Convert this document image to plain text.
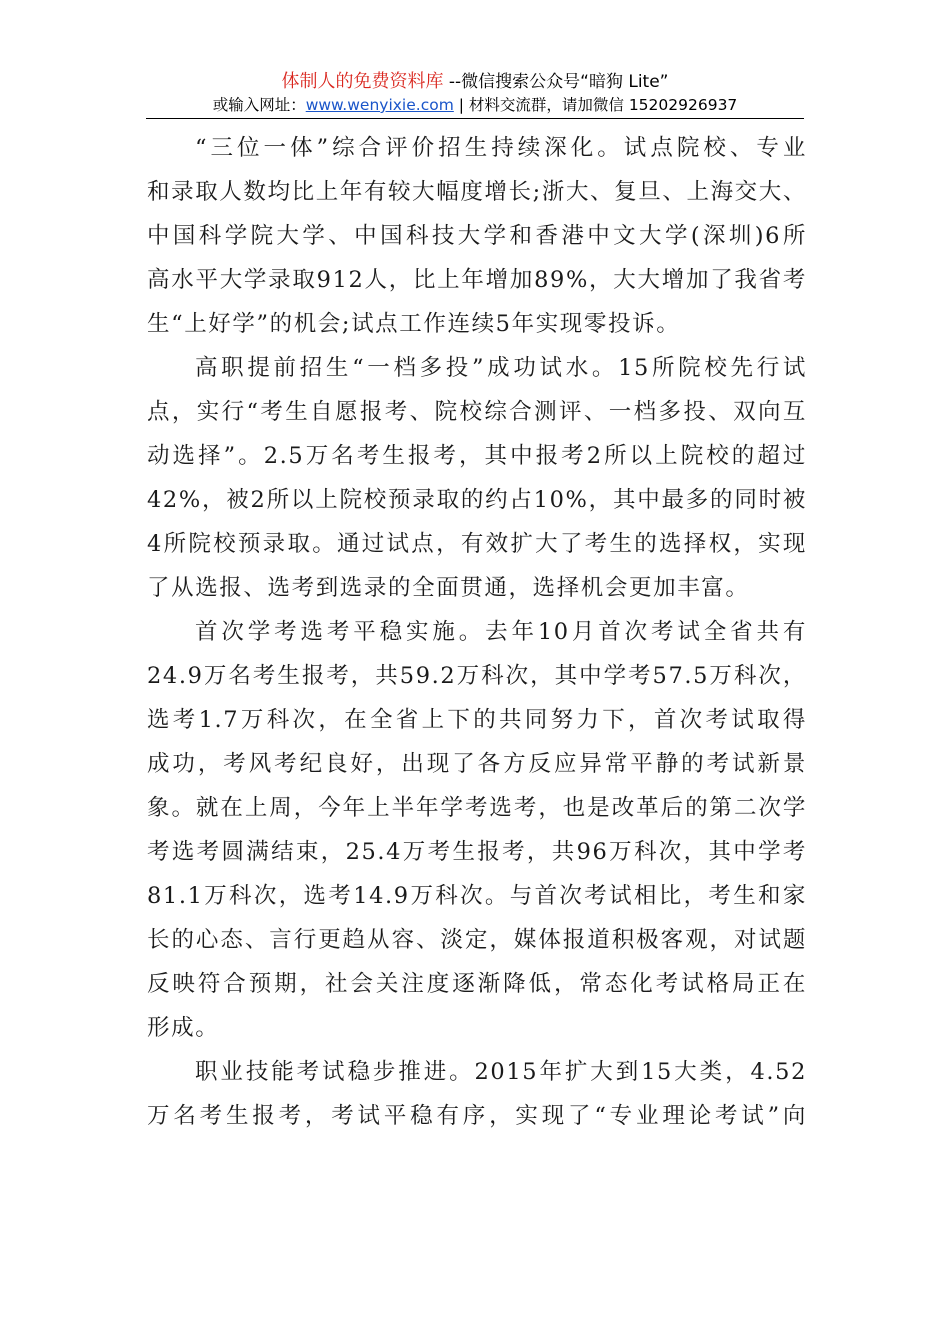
体制人的免费资料库 --微信搜索公众号“暗狗 Lite”
或输入网址：www.wenyixie.com | 材料交流群，请加微信 15202926937
“三位一体”综合评价招生持续深化。试点院校、专业
和录取人数均比上年有较大幅度增长;浙大、复旦、上海交大、
中国科学院大学、中国科技大学和香港中文大学(深圳)6所
高水平大学录取912人，比上年增加89%，大大增加了我省考
生“上好学”的机会;试点工作连续5年实现零投诉。
高职提前招生“一档多投”成功试水。15所院校先行试
点，实行“考生自愿报考、院校综合测评、一档多投、双向互
动选择”。2.5万名考生报考，其中报考2所以上院校的超过
42%，被2所以上院校预录取的约占10%，其中最多的同时被
4所院校预录取。通过试点，有效扩大了考生的选择权，实现
了从选报、选考到选录的全面贯通，选择机会更加丰富。
首次学考选考平稳实施。去年10月首次考试全省共有
24.9万名考生报考，共59.2万科次，其中学考57.5万科次，
选考1.7万科次，在全省上下的共同努力下，首次考试取得
成功，考风考纪良好，出现了各方反应异常平静的考试新景
象。就在上周，今年上半年学考选考，也是改革后的第二次学
考选考圆满结束，25.4万考生报考，共96万科次，其中学考
81.1万科次，选考14.9万科次。与首次考试相比，考生和家
长的心态、言行更趋从容、淡定，媒体报道积极客观，对试题
反映符合预期，社会关注度逐渐降低，常态化考试格局正在
形成。
职业技能考试稳步推进。2015年扩大到15大类，4.52
万名考生报考，考试平稳有序，实现了“专业理论考试”向
